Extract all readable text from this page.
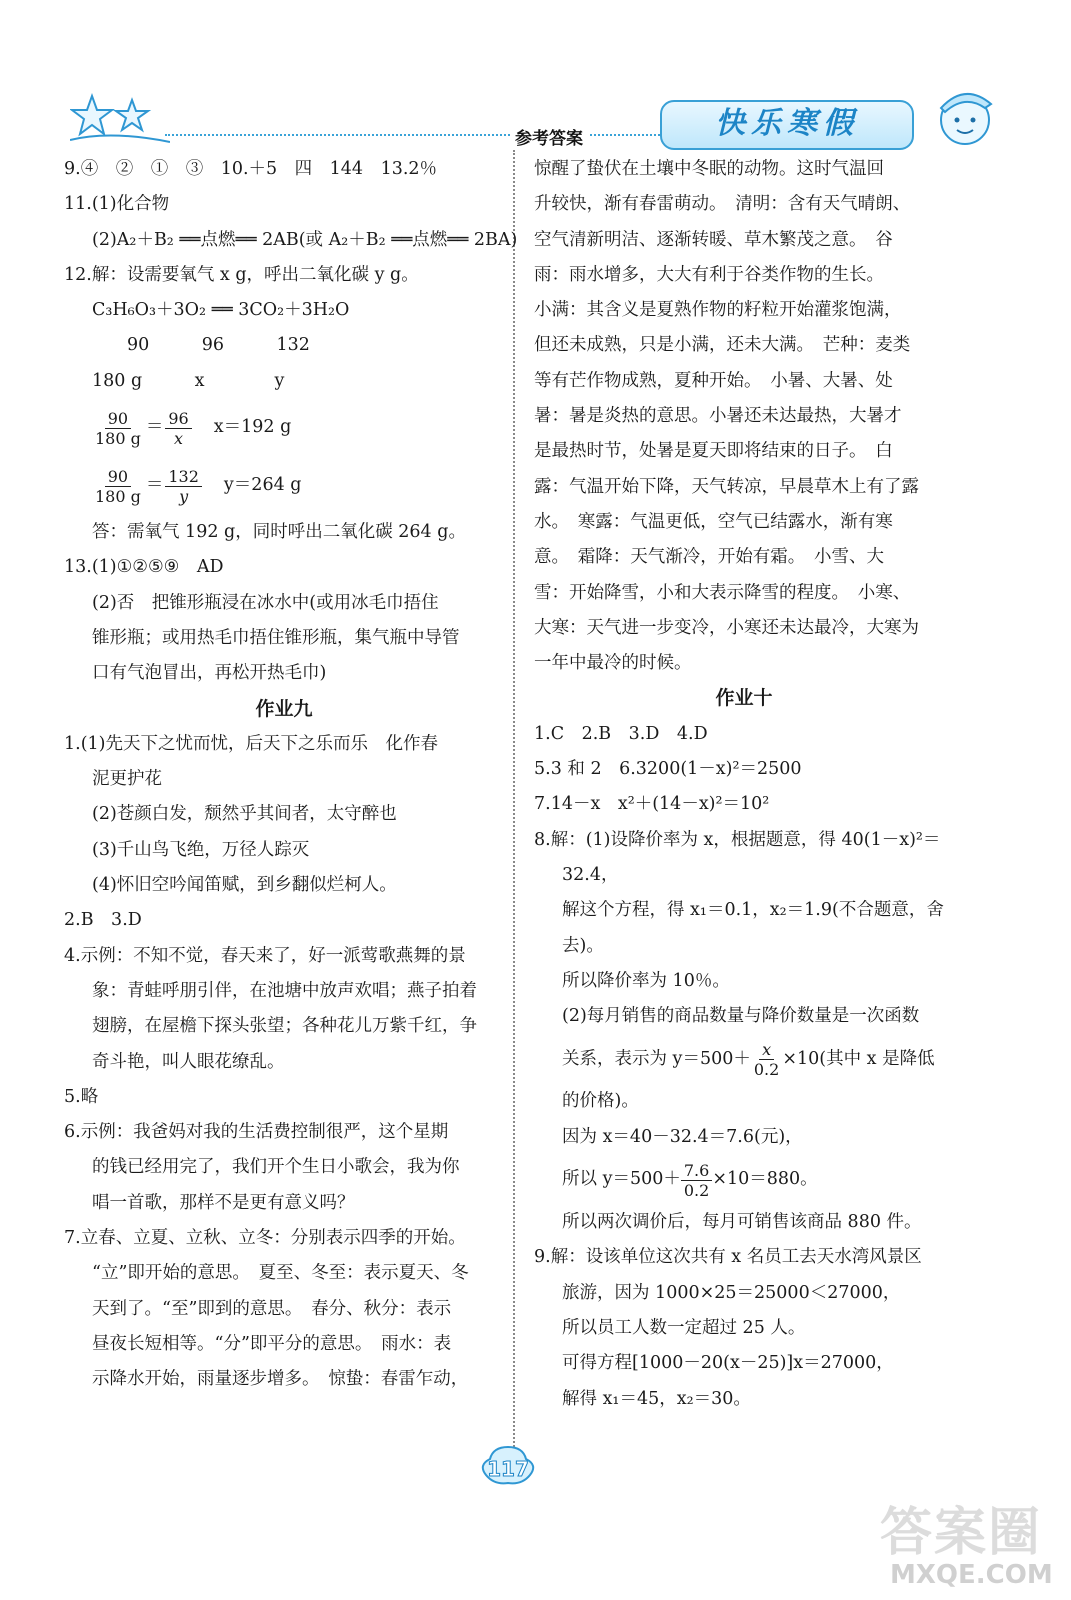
参考答案	快乐寒假
9.④　②　①　③　10.＋5　四　144　13.2％
11.(1)化合物
(2)A₂＋B₂ ══点燃══ 2AB(或 A₂＋B₂ ══点燃══ 2BA)
12.解：设需要氧气 x g，呼出二氧化碳 y g。
C₃H₆O₃＋3O₂ ══ 3CO₂＋3H₂O
　　90　　　96　　　132
180 g　　　x　　　　y
$\frac{90}{180 g} = \frac{96}{x} x=192$ g
$\frac{90}{180 g} = \frac{132}{y} y=264$ g
答：需氧气 192 g，同时呼出二氧化碳 264 g。
13.(1)①②⑤⑨　AD
(2)否　把锥形瓶浸在冰水中(或用冰毛巾捂住
锥形瓶；或用热毛巾捂住锥形瓶，集气瓶中导管
口有气泡冒出，再松开热毛巾)
作业九
1.(1)先天下之忧而忧，后天下之乐而乐　化作春
泥更护花
(2)苍颜白发，颓然乎其间者，太守醉也
(3)千山鸟飞绝，万径人踪灭
(4)怀旧空吟闻笛赋，到乡翻似烂柯人。
2.B　3.D
4.示例：不知不觉，春天来了，好一派莺歌燕舞的景
象：青蛙呼朋引伴，在池塘中放声欢唱；燕子拍着
翅膀，在屋檐下探头张望；各种花儿万紫千红，争
奇斗艳，叫人眼花缭乱。
5.略
6.示例：我爸妈对我的生活费控制很严，这个星期
的钱已经用完了，我们开个生日小歌会，我为你
唱一首歌，那样不是更有意义吗？
7.立春、立夏、立秋、立冬：分别表示四季的开始。
“立”即开始的意思。　夏至、冬至：表示夏天、冬
天到了。“至”即到的意思。　春分、秋分：表示
昼夜长短相等。“分”即平分的意思。　雨水：表
示降水开始，雨量逐步增多。　惊蛰：春雷乍动，
惊醒了蛰伏在土壤中冬眠的动物。这时气温回
升较快，渐有春雷萌动。　清明：含有天气晴朗、
空气清新明洁、逐渐转暖、草木繁茂之意。　谷
雨：雨水增多，大大有利于谷类作物的生长。
小满：其含义是夏熟作物的籽粒开始灌浆饱满，
但还未成熟，只是小满，还未大满。　芒种：麦类
等有芒作物成熟，夏种开始。　小暑、大暑、处
暑：暑是炎热的意思。小暑还未达最热，大暑才
是最热时节，处暑是夏天即将结束的日子。　白
露：气温开始下降，天气转凉，早晨草木上有了露
水。　寒露：气温更低，空气已结露水，渐有寒
意。　霜降：天气渐冷，开始有霜。　小雪、大
雪：开始降雪，小和大表示降雪的程度。　小寒、
大寒：天气进一步变冷，小寒还未达最冷，大寒为
一年中最冷的时候。
作业十
1.C　2.B　3.D　4.D
5.3 和 2　6.3200(1－x)²＝2500
7.14－x　x²＋(14－x)²＝10²
8.解：(1)设降价率为 x，根据题意，得 40(1－x)²＝
32.4，
解这个方程，得 x₁＝0.1，x₂＝1.9(不合题意，舍
去)。
所以降价率为 10％。
(2)每月销售的商品数量与降价数量是一次函数
关系，表示为 $y=500+ \frac{x}{0.2} \times 10$(其中 x 是降低
的价格)。
因为 x＝40－32.4＝7.6(元)，
所以 $y=500+ \frac{7.6}{0.2} \times 10=880$。
所以两次调价后，每月可销售该商品 880 件。
9.解：设该单位这次共有 x 名员工去天水湾风景区
旅游，因为 1000×25＝25000＜27000，
所以员工人数一定超过 25 人。
可得方程[1000－20(x－25)]x＝27000，
解得 x₁＝45，x₂＝30。
117
答案圈
MXQE.COM
